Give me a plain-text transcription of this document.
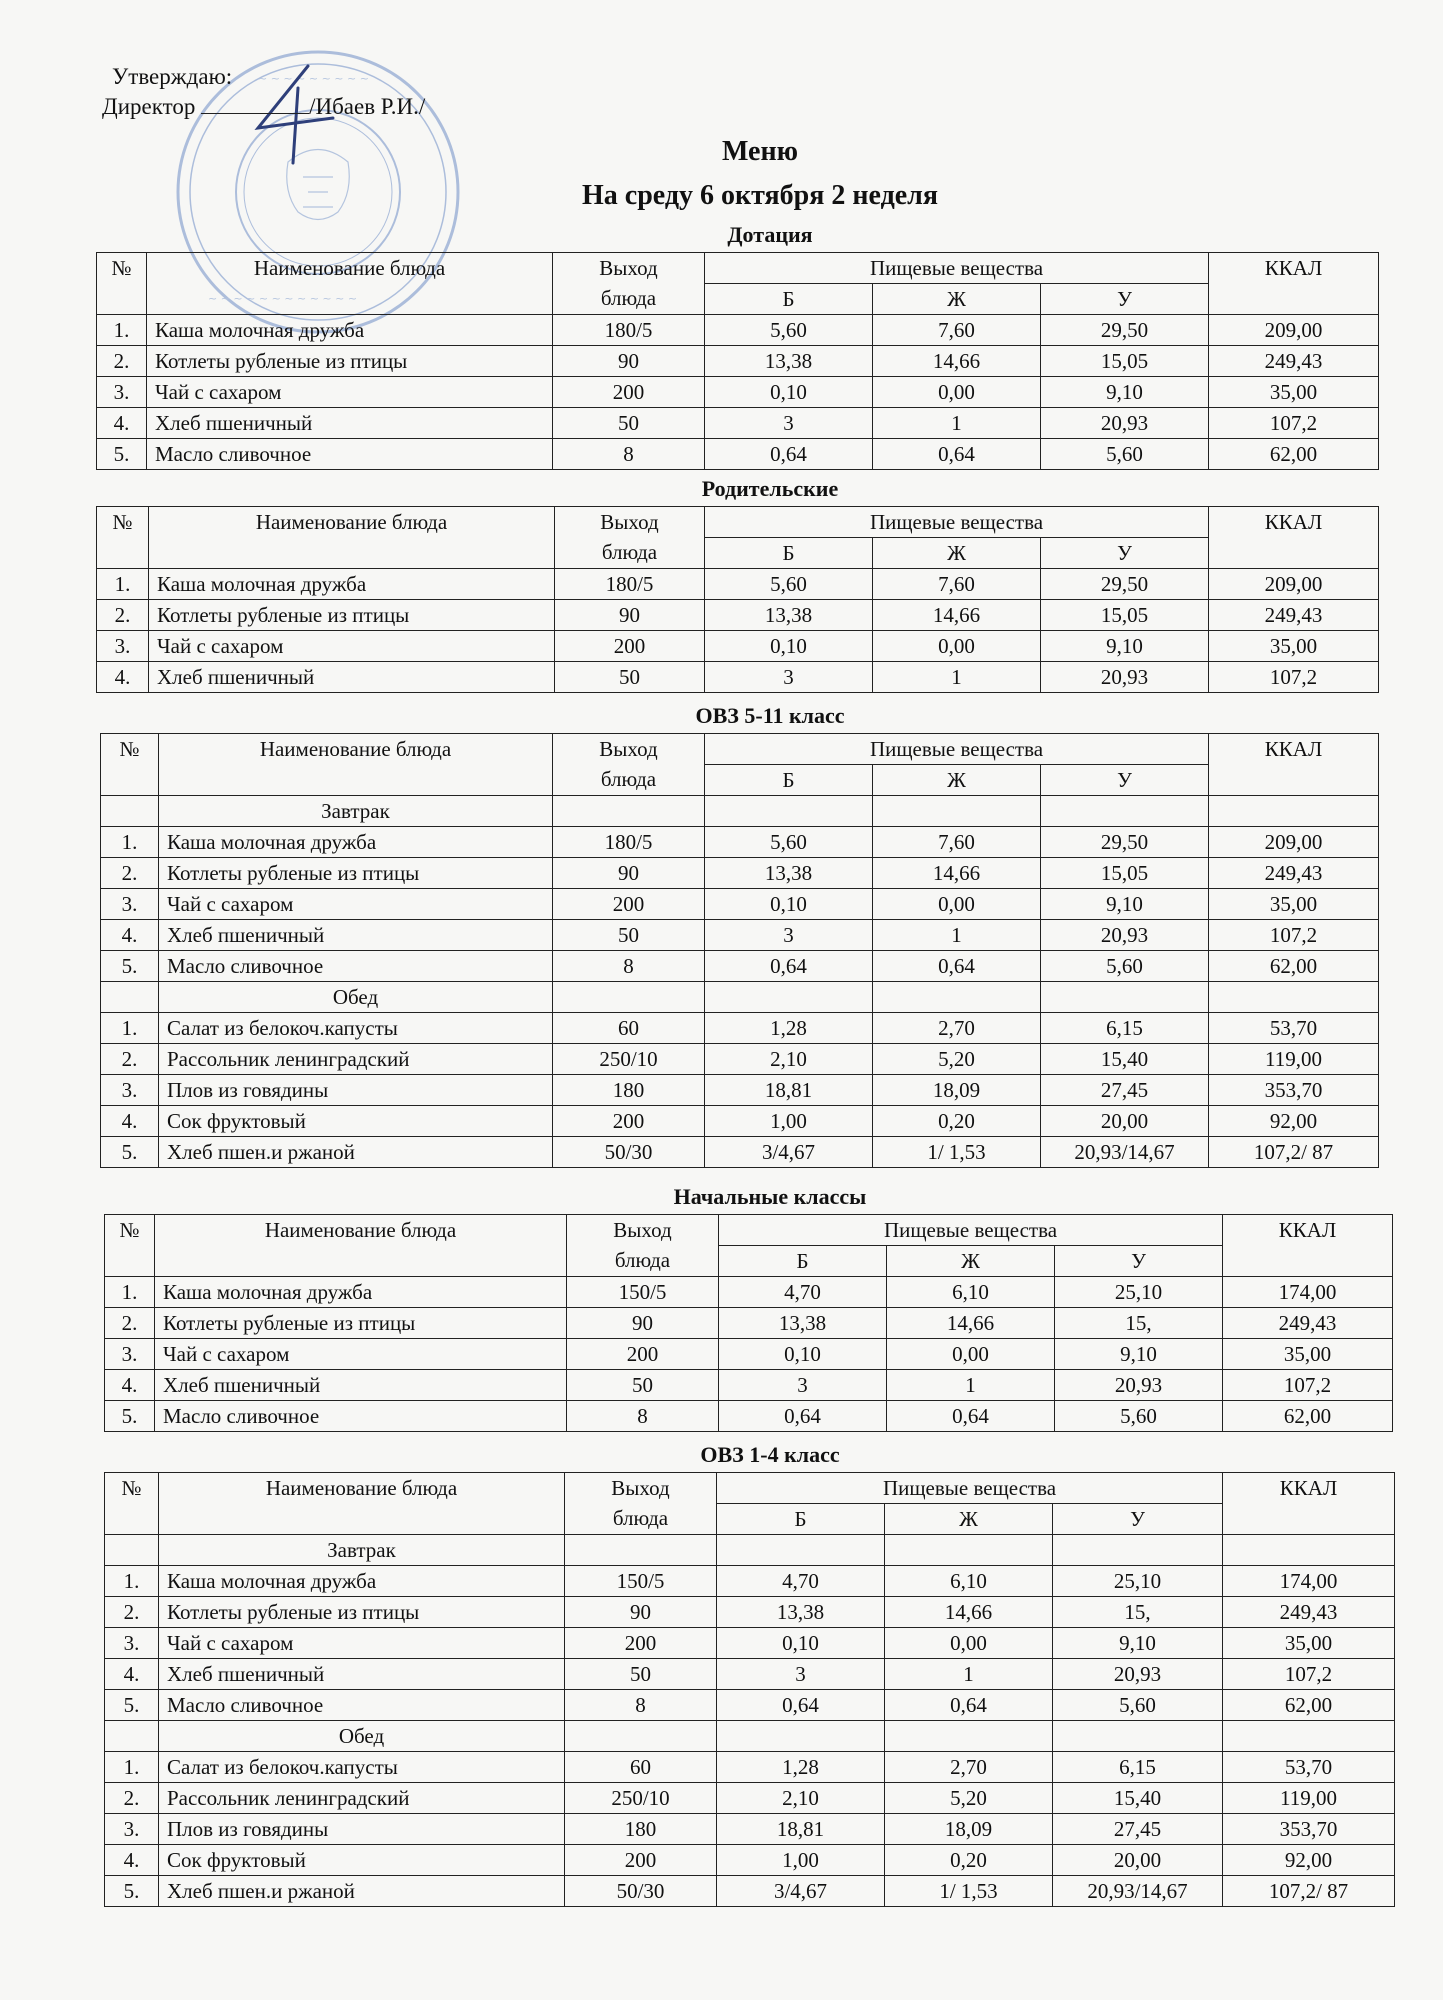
~ ~ ~ ~ ~ ~ ~ ~ ~
~ ~ ~ ~ ~ ~ ~ ~ ~ ~ ~ ~
Утверждаю:
Директор	/Ибаев Р.И./
Меню
На среду 6 октября 2 неделя
Дотация
№	Наименование блюда	Выход
блюда	Пищевые вещества			ККАЛ
			Б	Ж	У	
1.	Каша молочная дружба	180/5	5,60	7,60	29,50	209,00
2.	Котлеты рубленые из птицы	90	13,38	14,66	15,05	249,43
3.	Чай с сахаром	200	0,10	0,00	9,10	35,00
4.	Хлеб пшеничный	50	3	1	20,93	107,2
5.	Масло сливочное	8	0,64	0,64	5,60	62,00
Родительские
№	Наименование блюда	Выход
блюда	Пищевые вещества			ККАЛ
			Б	Ж	У	
1.	Каша молочная дружба	180/5	5,60	7,60	29,50	209,00
2.	Котлеты рубленые из птицы	90	13,38	14,66	15,05	249,43
3.	Чай с сахаром	200	0,10	0,00	9,10	35,00
4.	Хлеб пшеничный	50	3	1	20,93	107,2
ОВЗ 5-11 класс
№	Наименование блюда	Выход
блюда	Пищевые вещества			ККАЛ
			Б	Ж	У	
	Завтрак					
1.	Каша молочная дружба	180/5	5,60	7,60	29,50	209,00
2.	Котлеты рубленые из птицы	90	13,38	14,66	15,05	249,43
3.	Чай с сахаром	200	0,10	0,00	9,10	35,00
4.	Хлеб пшеничный	50	3	1	20,93	107,2
5.	Масло сливочное	8	0,64	0,64	5,60	62,00
	Обед					
1.	Салат из белокоч.капусты	60	1,28	2,70	6,15	53,70
2.	Рассольник ленинградский	250/10	2,10	5,20	15,40	119,00
3.	Плов из говядины	180	18,81	18,09	27,45	353,70
4.	Сок фруктовый	200	1,00	0,20	20,00	92,00
5.	Хлеб пшен.и ржаной	50/30	3/4,67	1/ 1,53	20,93/14,67	107,2/ 87
Начальные классы
№	Наименование блюда	Выход
блюда	Пищевые вещества			ККАЛ
			Б	Ж	У	
1.	Каша молочная дружба	150/5	4,70	6,10	25,10	174,00
2.	Котлеты рубленые из птицы	90	13,38	14,66	15,	249,43
3.	Чай с сахаром	200	0,10	0,00	9,10	35,00
4.	Хлеб пшеничный	50	3	1	20,93	107,2
5.	Масло сливочное	8	0,64	0,64	5,60	62,00
ОВЗ 1-4 класс
№	Наименование блюда	Выход
блюда	Пищевые вещества			ККАЛ
			Б	Ж	У	
	Завтрак					
1.	Каша молочная дружба	150/5	4,70	6,10	25,10	174,00
2.	Котлеты рубленые из птицы	90	13,38	14,66	15,	249,43
3.	Чай с сахаром	200	0,10	0,00	9,10	35,00
4.	Хлеб пшеничный	50	3	1	20,93	107,2
5.	Масло сливочное	8	0,64	0,64	5,60	62,00
	Обед					
1.	Салат из белокоч.капусты	60	1,28	2,70	6,15	53,70
2.	Рассольник ленинградский	250/10	2,10	5,20	15,40	119,00
3.	Плов из говядины	180	18,81	18,09	27,45	353,70
4.	Сок фруктовый	200	1,00	0,20	20,00	92,00
5.	Хлеб пшен.и ржаной	50/30	3/4,67	1/ 1,53	20,93/14,67	107,2/ 87
